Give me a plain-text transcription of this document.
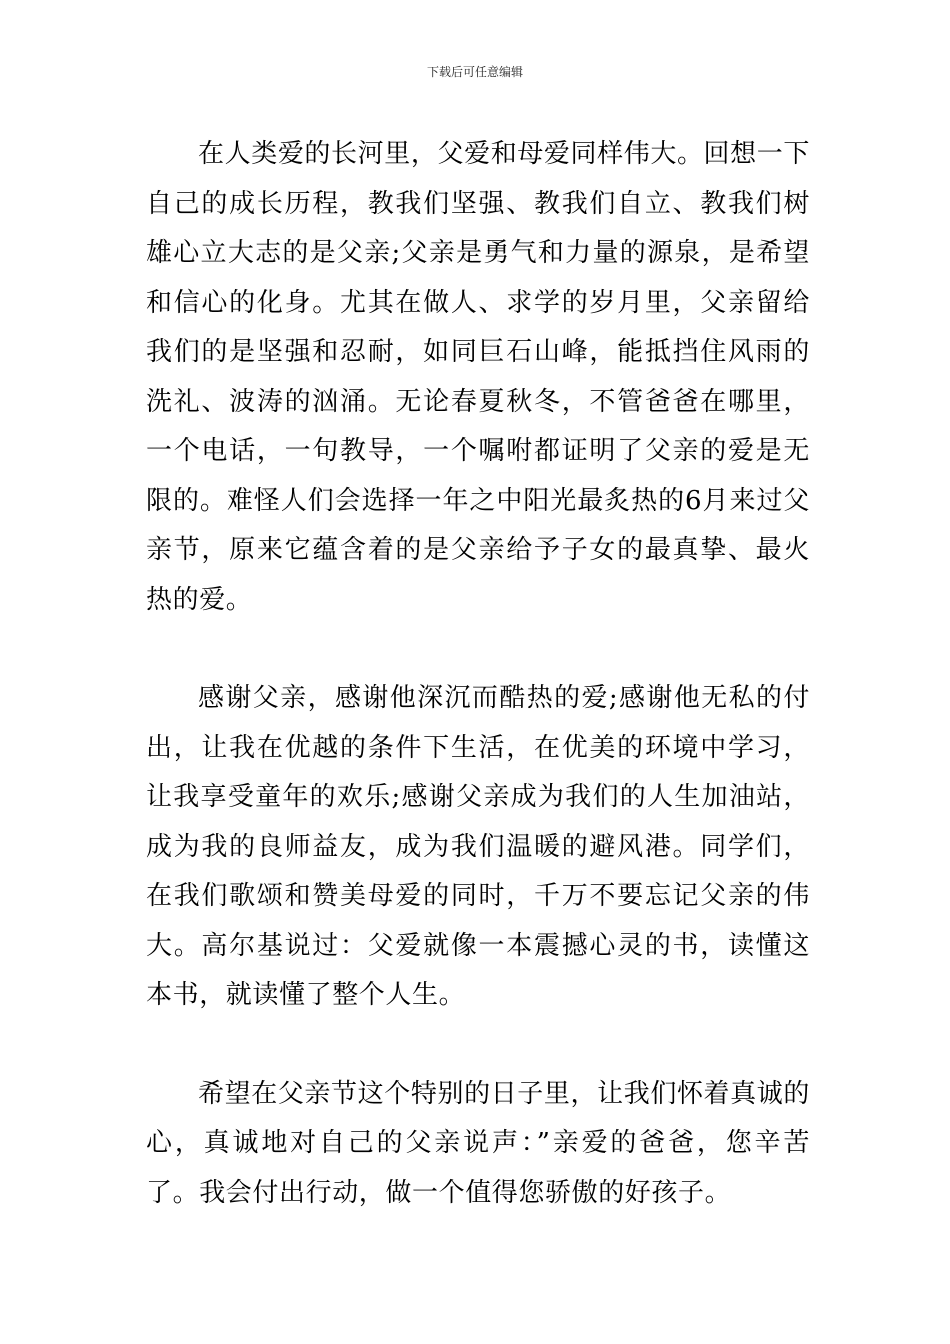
下载后可任意编辑

在人类爱的长河里，父爱和母爱同样伟大。回想一下自己的成长历程，教我们坚强、教我们自立、教我们树雄心立大志的是父亲;父亲是勇气和力量的源泉，是希望和信心的化身。尤其在做人、求学的岁月里，父亲留给我们的是坚强和忍耐，如同巨石山峰，能抵挡住风雨的洗礼、波涛的汹涌。无论春夏秋冬，不管爸爸在哪里，一个电话，一句教导，一个嘱咐都证明了父亲的爱是无限的。难怪人们会选择一年之中阳光最炙热的6月来过父亲节，原来它蕴含着的是父亲给予子女的最真挚、最火热的爱。

感谢父亲，感谢他深沉而酷热的爱;感谢他无私的付出，让我在优越的条件下生活，在优美的环境中学习，让我享受童年的欢乐;感谢父亲成为我们的人生加油站，成为我的良师益友，成为我们温暖的避风港。同学们，在我们歌颂和赞美母爱的同时，千万不要忘记父亲的伟大。高尔基说过：父爱就像一本震撼心灵的书，读懂这本书，就读懂了整个人生。

希望在父亲节这个特别的日子里，让我们怀着真诚的心，真诚地对自己的父亲说声：”亲爱的爸爸，您辛苦了。我会付出行动，做一个值得您骄傲的好孩子。
